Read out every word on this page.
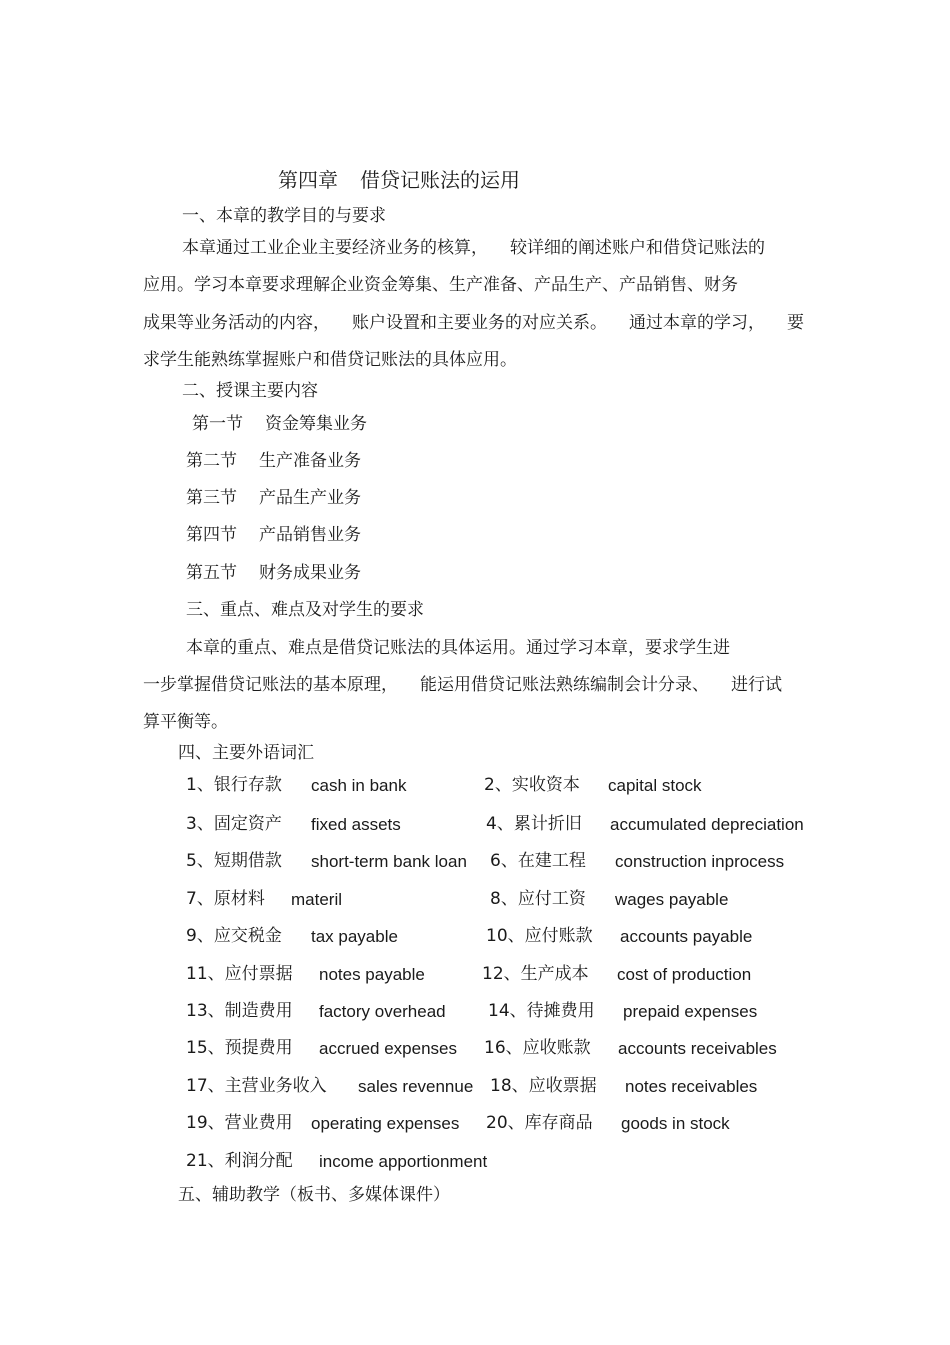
第四章 借贷记账法的运用
一、本章的教学目的与要求
本章通过工业企业主要经济业务的核算， 较详细的阐述账户和借贷记账法的
应用。学习本章要求理解企业资金筹集、生产准备、产品生产、产品销售、财务
成果等业务活动的内容， 账户设置和主要业务的对应关系。 通过本章的学习， 要
求学生能熟练掌握账户和借贷记账法的具体应用。
二、授课主要内容
第一节 资金筹集业务
第二节 生产准备业务
第三节 产品生产业务
第四节 产品销售业务
第五节 财务成果业务
三、重点、难点及对学生的要求
本章的重点、难点是借贷记账法的具体运用。通过学习本章，要求学生进
一步掌握借贷记账法的基本原理， 能运用借贷记账法熟练编制会计分录、 进行试
算平衡等。
四、主要外语词汇
1、银行存款 cash in bank	2、实收资本 capital stock
3、固定资产 fixed assets	4、累计折旧 accumulated depreciation
5、短期借款 short-term bank loan 6、在建工程 construction inprocess
7、原材料 materil	8、应付工资 wages payable
9、应交税金 tax payable	10、应付账款 accounts payable
11、应付票据 notes payable	12、生产成本 cost of production
13、制造费用 factory overhead 14、待摊费用 prepaid expenses
15、预提费用 accrued expenses 16、应收账款 accounts receivables
17、主营业务收入 sales revennue 18、应收票据 notes receivables
19、营业费用 operating expenses 20、库存商品 goods in stock
21、利润分配 income apportionment
五、辅助教学（板书、多媒体课件）
